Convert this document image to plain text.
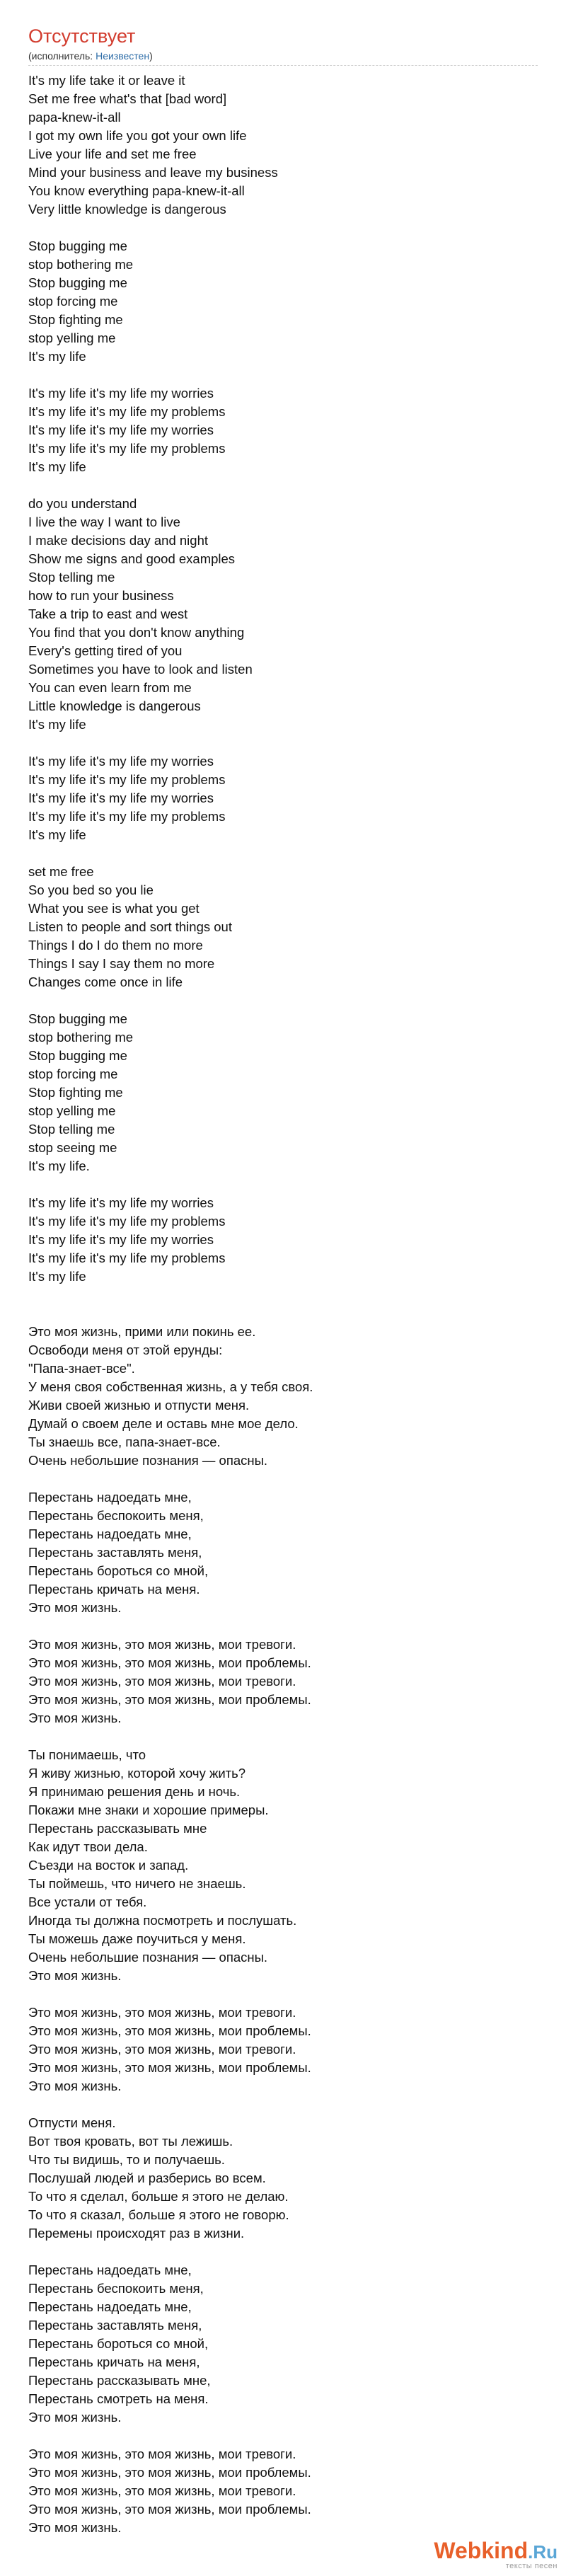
Отсутствует
(исполнитель: Неизвестен)
It's my life take it or leave it
Set me free what's that [bad word]
papa-knew-it-all
I got my own life you got your own life
Live your life and set me free
Mind your business and leave my business
You know everything papa-knew-it-all
Very little knowledge is dangerous
Stop bugging me
stop bothering me
Stop bugging me
stop forcing me
Stop fighting me
stop yelling me
It's my life
It's my life it's my life my worries
It's my life it's my life my problems
It's my life it's my life my worries
It's my life it's my life my problems
It's my life
do you understand
I live the way I want to live
I make decisions day and night
Show me signs and good examples
Stop telling me
how to run your business
Take a trip to east and west
You find that you don't know anything
Every's getting tired of you
Sometimes you have to look and listen
You can even learn from me
Little knowledge is dangerous
It's my life
It's my life it's my life my worries
It's my life it's my life my problems
It's my life it's my life my worries
It's my life it's my life my problems
It's my life
set me free
So you bed so you lie
What you see is what you get
Listen to people and sort things out
Things I do I do them no more
Things I say I say them no more
Changes come once in life
Stop bugging me
stop bothering me
Stop bugging me
stop forcing me
Stop fighting me
stop yelling me
Stop telling me
stop seeing me
It's my life.
It's my life it's my life my worries
It's my life it's my life my problems
It's my life it's my life my worries
It's my life it's my life my problems
It's my life
Это моя жизнь, прими или покинь ее.
Освободи меня от этой ерунды:
"Папа-знает-все".
У меня своя собственная жизнь, а у тебя своя.
Живи своей жизнью и отпусти меня.
Думай о своем деле и оставь мне мое дело.
Ты знаешь все, папа-знает-все.
Очень небольшие познания — опасны.
Перестань надоедать мне,
Перестань беспокоить меня,
Перестань надоедать мне,
Перестань заставлять меня,
Перестань бороться со мной,
Перестань кричать на меня.
Это моя жизнь.
Это моя жизнь, это моя жизнь, мои тревоги.
Это моя жизнь, это моя жизнь, мои проблемы.
Это моя жизнь, это моя жизнь, мои тревоги.
Это моя жизнь, это моя жизнь, мои проблемы.
Это моя жизнь.
Ты понимаешь, что
Я живу жизнью, которой хочу жить?
Я принимаю решения день и ночь.
Покажи мне знаки и хорошие примеры.
Перестань рассказывать мне
Как идут твои дела.
Съезди на восток и запад.
Ты поймешь, что ничего не знаешь.
Все устали от тебя.
Иногда ты должна посмотреть и послушать.
Ты можешь даже поучиться у меня.
Очень небольшие познания — опасны.
Это моя жизнь.
Это моя жизнь, это моя жизнь, мои тревоги.
Это моя жизнь, это моя жизнь, мои проблемы.
Это моя жизнь, это моя жизнь, мои тревоги.
Это моя жизнь, это моя жизнь, мои проблемы.
Это моя жизнь.
Отпусти меня.
Вот твоя кровать, вот ты лежишь.
Что ты видишь, то и получаешь.
Послушай людей и разберись во всем.
То что я сделал, больше я этого не делаю.
То что я сказал, больше я этого не говорю.
Перемены происходят раз в жизни.
Перестань надоедать мне,
Перестань беспокоить меня,
Перестань надоедать мне,
Перестань заставлять меня,
Перестань бороться со мной,
Перестань кричать на меня,
Перестань рассказывать мне,
Перестань смотреть на меня.
Это моя жизнь.
Это моя жизнь, это моя жизнь, мои тревоги.
Это моя жизнь, это моя жизнь, мои проблемы.
Это моя жизнь, это моя жизнь, мои тревоги.
Это моя жизнь, это моя жизнь, мои проблемы.
Это моя жизнь.
Webkind.Ru
тексты песен
